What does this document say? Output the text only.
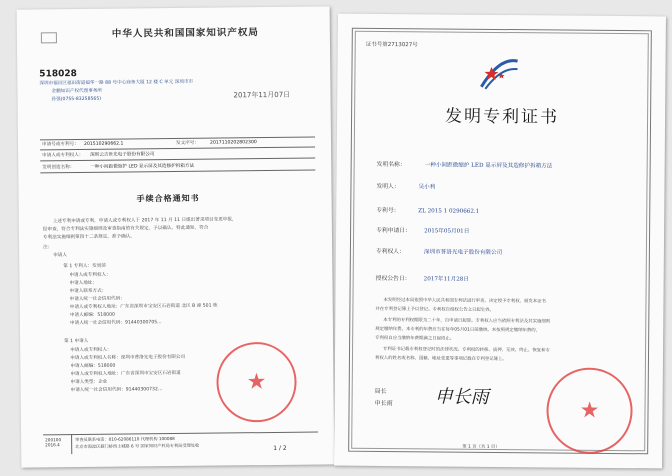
中华人民共和国国家知识产权局
518028
深圳市福田区福田街道福华一路 88 号中心商务大厦 12 楼 C 单元 深圳市市
金鹏知识产权代理事务所
孙强(0755-83258565)
2017年11月07日
申请号或专利号： 201510290662.1	发文序号： 2017110202802300
申请人或专利权人： 深圳云吉世光电子股份有限公司
发明创造名称：	一种小间距微缩护 LED 显示屏及其造修护拆箱方法
手续合格通知书
上述专利申请或专利，申请人或专利权人于 2017 年 11 月 11 日提出著录项目变更申报，
经审查，符合专利法实施细则及审查指南的有关规定，予以确认，特此通知，符合
专利法实施细则第四十二条规定，准予确认。
注：
申请人
第 1 专利人：变更前
申请人或专利权人：
申请人地址：
申请人联系方式：
申请人统一社会信用代码：
申请人或专利权人地址：广东省深圳市宝安区石岩街道 北区 B 座 501 栋
申请人邮编：518000
申请人统一社会信用代码：91440300705...
第 1 申请人
申请人或专利权人：
申请人或专利权人名称：深圳市普洛光电子股份有限公司
申请人邮编：518000
申请人或专利权人地址：广东省深圳市宝安区石岩街道
申请人类型：企业
申请人统一社会信用代码：91440300732...	★
200100 2016.4
审查员联系电话：010-62086110 代理机构 100088
北京市海淀区蓟门桥西土城路 6 号 国家知识产权局专利局受理处收	1 / 2
证书号第2713027号
发明专利证书
发明名称：	一种小间距微缩护 LED 显示屏及其造修护拆箱方法
发明人：	吴小利
专利号：	ZL 2015 1 0290662.1
专利申请日： 2015年05月01日
专利权人：	深圳市普洛光电子股份有限公司
授权公告日： 2017年11月28日
本发明经过本局依照中华人民共和国专利法进行审查，决定授予专利权，颁发本证书
并在专利登记簿上予以登记。专利权自授权公告之日起生效。
本专利的专利权期限为二十年，自申请日起算。专利权人应当依照专利法及其实施细则
规定缴纳年费。本专利的年费应当在每年05月01日前缴纳。未按照规定缴纳年费的，
专利权自应当缴纳年费期满之日起终止。
专利证书记载专利权登记时的法律状况。专利权的转移、质押、无效、终止、恢复和专
利权人的姓名或名称、国籍、地址变更等事项记载在专利登记簿上。
局长
申长雨 申长雨
★
第 1 页（共 1 页）
